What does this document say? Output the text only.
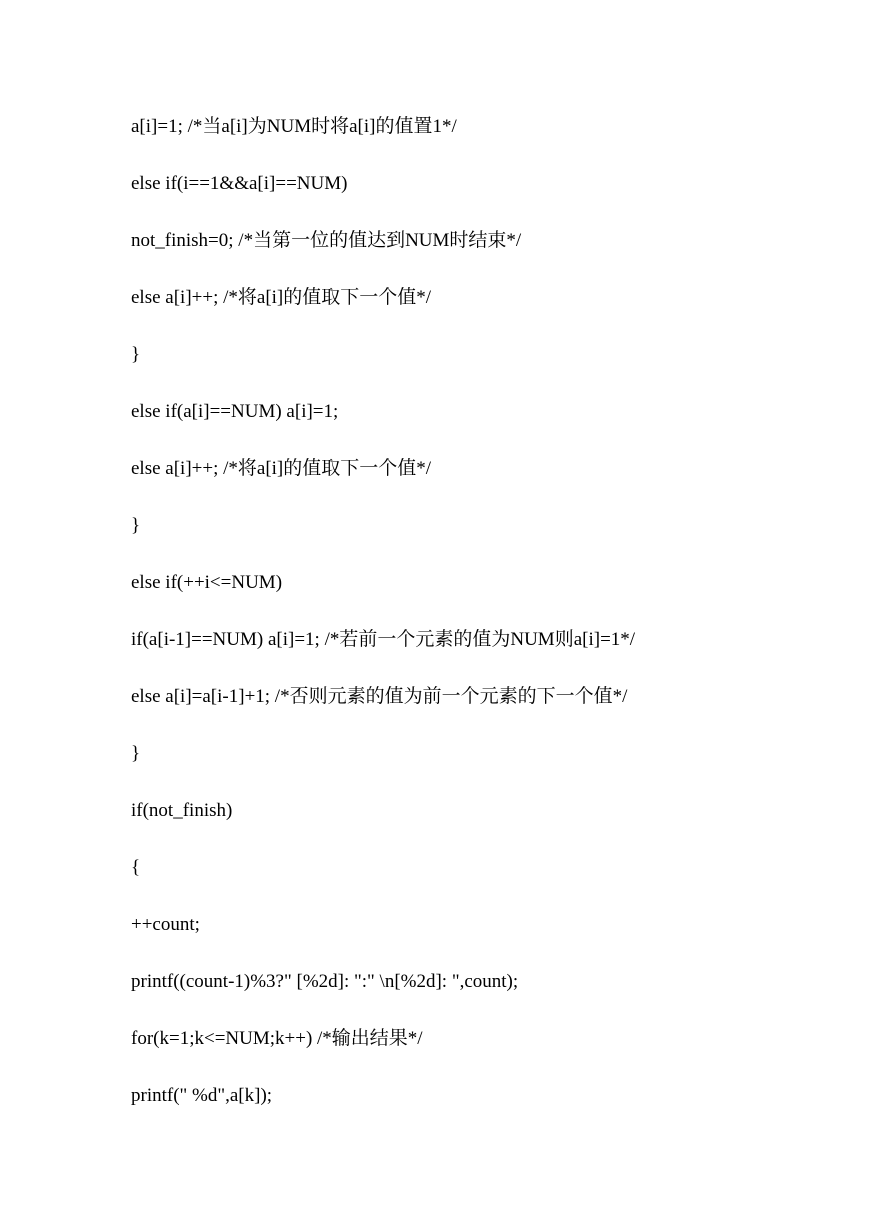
a[i]=1; /*当a[i]为NUM时将a[i]的值置1*/
else if(i==1&&a[i]==NUM)
not_finish=0; /*当第一位的值达到NUM时结束*/
else a[i]++; /*将a[i]的值取下一个值*/
}
else if(a[i]==NUM) a[i]=1;
else a[i]++; /*将a[i]的值取下一个值*/
}
else if(++i<=NUM)
if(a[i-1]==NUM) a[i]=1; /*若前一个元素的值为NUM则a[i]=1*/
else a[i]=a[i-1]+1; /*否则元素的值为前一个元素的下一个值*/
}
if(not_finish)
{
++count;
printf((count-1)%3?" [%2d]: ":" \n[%2d]: ",count);
for(k=1;k<=NUM;k++) /*输出结果*/
printf(" %d",a[k]);
